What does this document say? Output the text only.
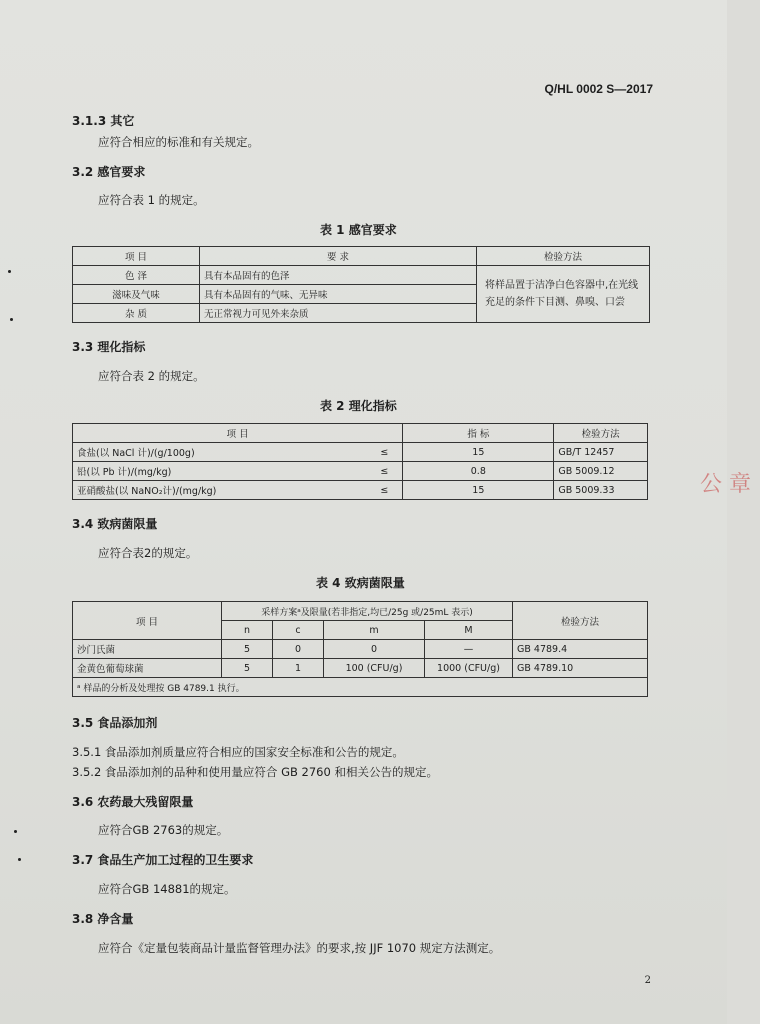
Q/HL 0002 S—2017
3.1.3 其它
应符合相应的标准和有关规定。
3.2 感官要求
应符合表 1 的规定。
表 1 感官要求
项 目	要 求	检验方法
色 泽	具有本品固有的色泽	将样品置于洁净白色容器中,在光线充足的条件下目测、鼻嗅、口尝
滋味及气味	具有本品固有的气味、无异味	
杂 质	无正常视力可见外来杂质	
3.3 理化指标
应符合表 2 的规定。
表 2 理化指标
项 目		指 标	检验方法
食盐(以 NaCl 计)/(g/100g)	≤	15	GB/T 12457
铅(以 Pb 计)/(mg/kg)	≤	0.8	GB 5009.12
亚硝酸盐(以 NaNO₂计)/(mg/kg)	≤	15	GB 5009.33
3.4 致病菌限量
应符合表2的规定。
表 4 致病菌限量
项 目	采样方案ᵃ及限量(若非指定,均已/25g 或/25mL 表示)				检验方法
	n	c	m	M	
沙门氏菌	5	0	0	—	GB 4789.4
金黄色葡萄球菌	5	1	100 (CFU/g)	1000 (CFU/g)	GB 4789.10
ᵃ 样品的分析及处理按 GB 4789.1 执行。					
3.5 食品添加剂
3.5.1 食品添加剂质量应符合相应的国家安全标准和公告的规定。
3.5.2 食品添加剂的品种和使用量应符合 GB 2760 和相关公告的规定。
3.6 农药最大残留限量
应符合GB 2763的规定。
3.7 食品生产加工过程的卫生要求
应符合GB 14881的规定。
3.8 净含量
应符合《定量包装商品计量监督管理办法》的要求,按 JJF 1070 规定方法测定。
2
公 章
